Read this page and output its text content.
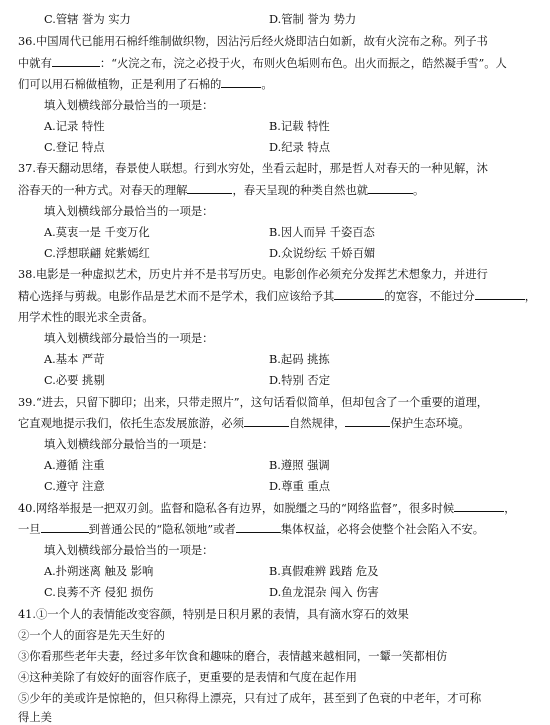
C.管辖 誉为 实力	D.管制 誉为 势力
36.中国周代已能用石棉纤维制做织物，因沾污后经火烧即洁白如新，故有火浣布之称。列子书
中就有	：“火浣之布，浣之必投于火，布则火色垢则布色。出火而振之，皓然凝手雪”。人
们可以用石棉做植物，正是利用了石棉的	。
填入划横线部分最恰当的一项是：
A.记录 特性	B.记载 特性
C.登记 特点	D.纪录 特点
37.春天翻动思绪，春景使人联想。行到水穷处，坐看云起时，那是哲人对春天的一种见解，沐
浴春天的一种方式。对春天的理解	，春天呈现的种类自然也就	。
填入划横线部分最恰当的一项是：
A.莫衷一是 千变万化	B.因人而异 千姿百态
C.浮想联翩 姹紫嫣红	D.众说纷纭 千娇百媚
38.电影是一种虚拟艺术，历史片并不是书写历史。电影创作必须充分发挥艺术想象力，并进行
精心选择与剪裁。电影作品是艺术而不是学术，我们应该给予其	的宽容，不能过分	，
用学术性的眼光求全责备。
填入划横线部分最恰当的一项是：
A.基本 严苛	B.起码 挑拣
C.必要 挑剔	D.特别 否定
39.“进去，只留下脚印；出来，只带走照片”，这句话看似简单，但却包含了一个重要的道理，
它直观地提示我们，依托生态发展旅游，必须	自然规律，	保护生态环境。
填入划横线部分最恰当的一项是：
A.遵循 注重	B.遵照 强调
C.遵守 注意	D.尊重 重点
40.网络举报是一把双刃剑。监督和隐私各有边界，如脱缰之马的“网络监督”，很多时候	，
一旦	到普通公民的“隐私领地”或者	集体权益，必将会使整个社会陷入不安。
填入划横线部分最恰当的一项是：
A.扑朔迷离 触及 影响	B.真假难辨 践踏 危及
C.良莠不齐 侵犯 损伤	D.鱼龙混杂 闯入 伤害
41.①一个人的表情能改变容颜，特别是日积月累的表情，具有滴水穿石的效果
②一个人的面容是先天生好的
③你看那些老年夫妻，经过多年饮食和趣味的磨合，表情越来越相同，一颦一笑都相仿
④这种美除了有姣好的面容作底子，更重要的是表情和气度在起作用
⑤少年的美或许是惊艳的，但只称得上漂亮，只有过了成年，甚至到了色衰的中老年，才可称
得上美
